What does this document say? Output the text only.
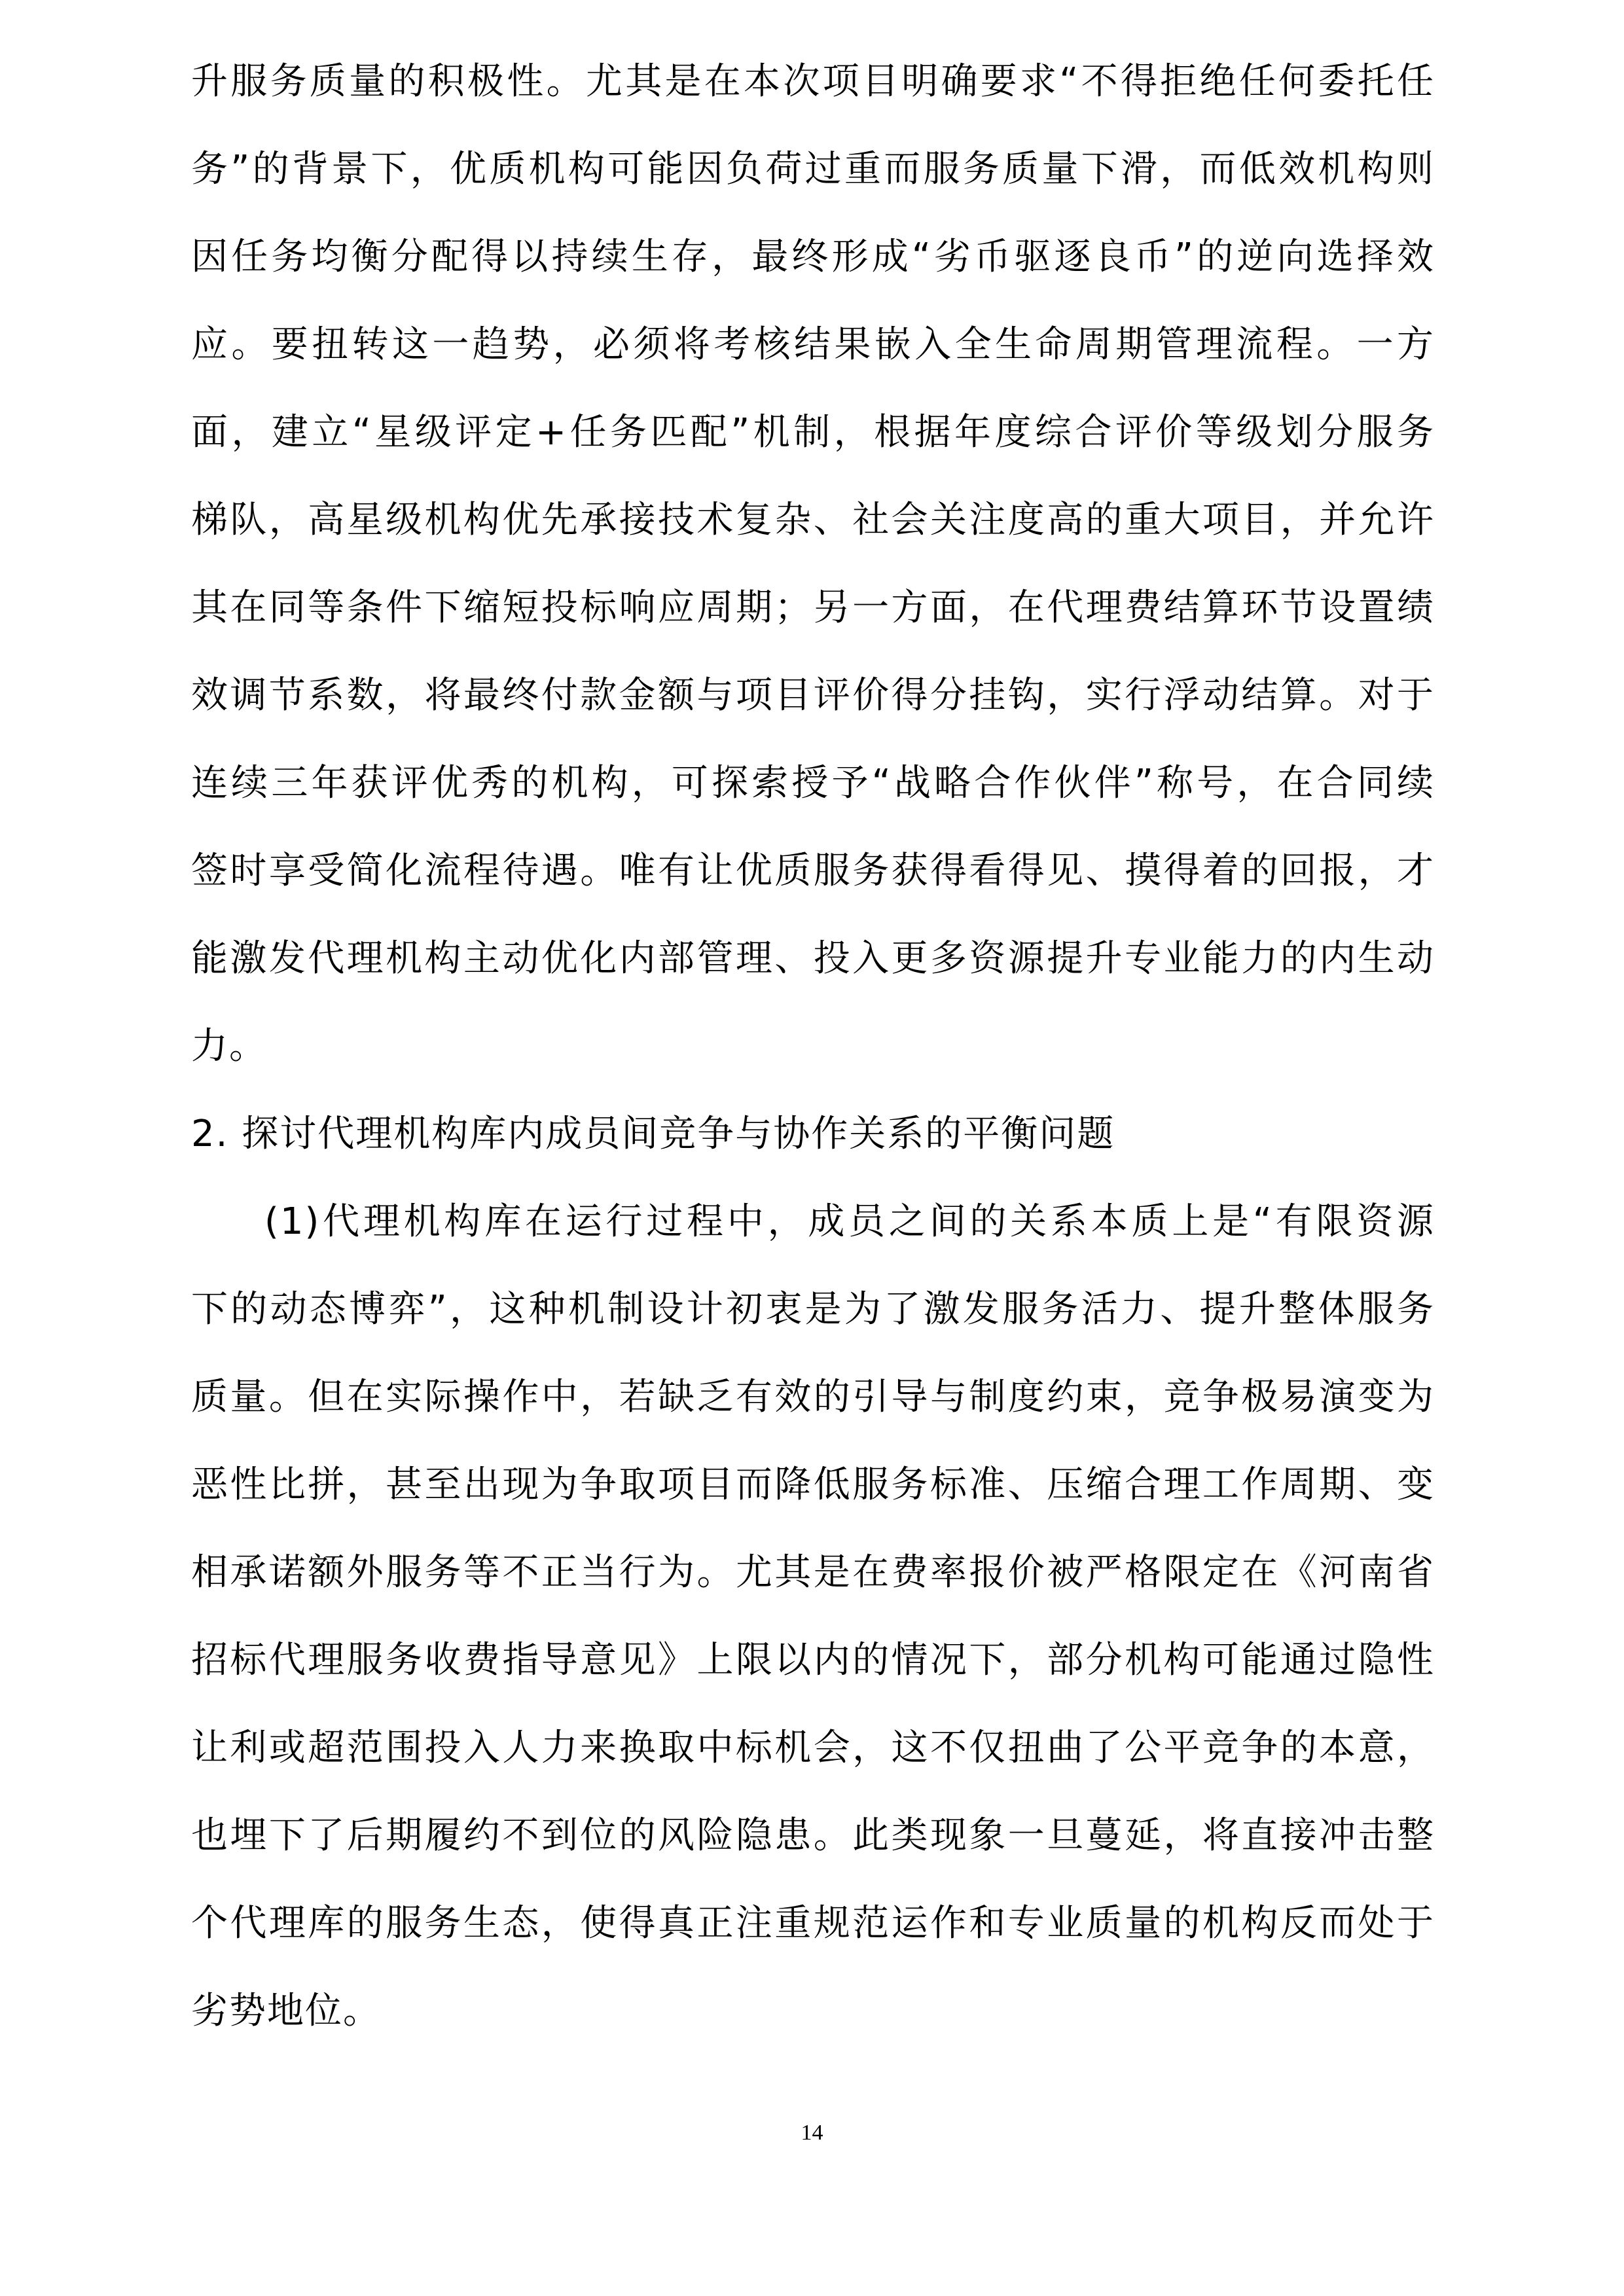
升服务质量的积极性。尤其是在本次项目明确要求“不得拒绝任何委托任
务”的背景下，优质机构可能因负荷过重而服务质量下滑，而低效机构则
因任务均衡分配得以持续生存，最终形成“劣币驱逐良币”的逆向选择效
应。要扭转这一趋势，必须将考核结果嵌入全生命周期管理流程。一方
面，建立“星级评定+任务匹配”机制，根据年度综合评价等级划分服务
梯队，高星级机构优先承接技术复杂、社会关注度高的重大项目，并允许
其在同等条件下缩短投标响应周期；另一方面，在代理费结算环节设置绩
效调节系数，将最终付款金额与项目评价得分挂钩，实行浮动结算。对于
连续三年获评优秀的机构，可探索授予“战略合作伙伴”称号，在合同续
签时享受简化流程待遇。唯有让优质服务获得看得见、摸得着的回报，才
能激发代理机构主动优化内部管理、投入更多资源提升专业能力的内生动
力。
2. 探讨代理机构库内成员间竞争与协作关系的平衡问题
(1)代理机构库在运行过程中，成员之间的关系本质上是“有限资源
下的动态博弈”，这种机制设计初衷是为了激发服务活力、提升整体服务
质量。但在实际操作中，若缺乏有效的引导与制度约束，竞争极易演变为
恶性比拼，甚至出现为争取项目而降低服务标准、压缩合理工作周期、变
相承诺额外服务等不正当行为。尤其是在费率报价被严格限定在《河南省
招标代理服务收费指导意见》上限以内的情况下，部分机构可能通过隐性
让利或超范围投入人力来换取中标机会，这不仅扭曲了公平竞争的本意，
也埋下了后期履约不到位的风险隐患。此类现象一旦蔓延，将直接冲击整
个代理库的服务生态，使得真正注重规范运作和专业质量的机构反而处于
劣势地位。
14
